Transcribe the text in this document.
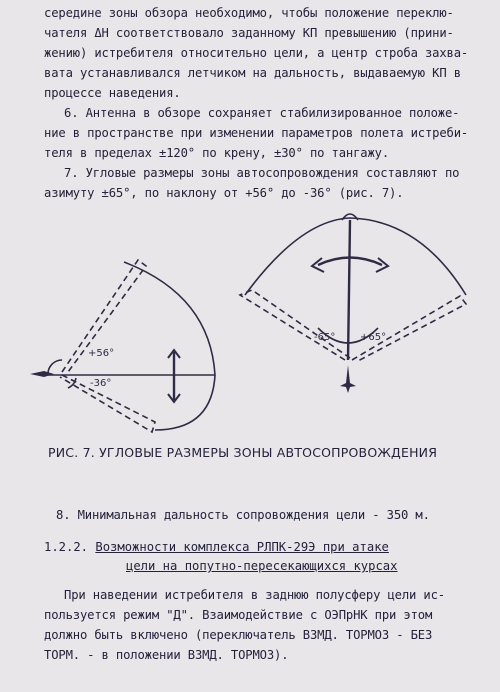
середине зоны обзора необходимо, чтобы положение переклю-
чателя ΔH соответствовало заданному КП превышению (прини-
жению) истребителя относительно цели, а центр строба захва-
вата устанавливался летчиком на дальность, выдаваемую КП в
процессе наведения.
6. Антенна в обзоре сохраняет стабилизированное положе-
ние в пространстве при изменении параметров полета истреби-
теля в пределах ±120° по крену, ±30° по тангажу.
7. Угловые размеры зоны автосопровождения составляют по
азимуту ±65°, по наклону от +56° до -36° (рис. 7).
+56°
-36°
-65° +65°
РИС. 7. УГЛОВЫЕ РАЗМЕРЫ ЗОНЫ АВТОСОПРОВОЖДЕНИЯ
8. Минимальная дальность сопровождения цели - 350 м.
1.2.2. Возможности комплекса РЛПК-29Э при атаке
цели на попутно-пересекающихся курсах
При наведении истребителя в заднюю полусферу цели ис-
пользуется режим "Д". Взаимодействие с ОЭПрНК при этом
должно быть включено (переключатель ВЗМД. ТОРМОЗ - БЕЗ
ТОРМ. - в положении ВЗМД. ТОРМОЗ).
